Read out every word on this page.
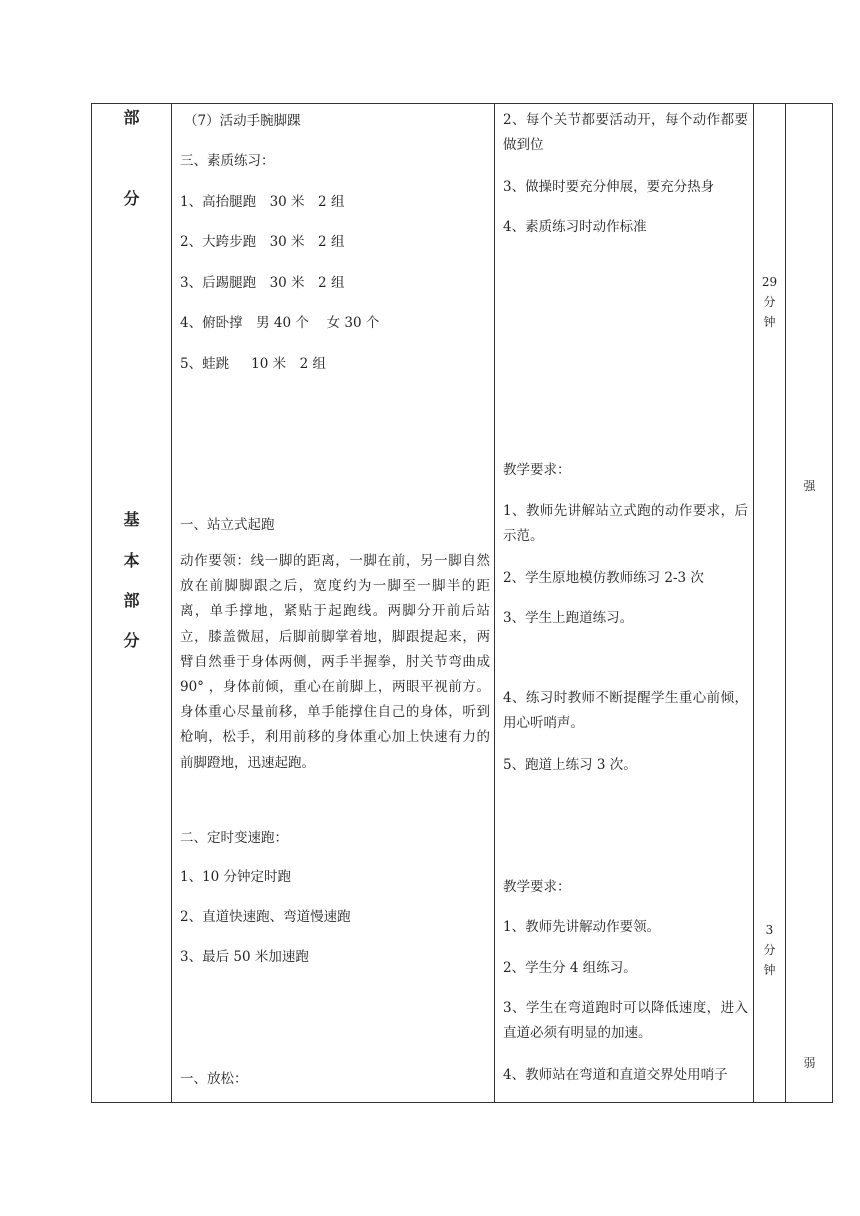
部
分
基
本
部
分
（7）活动手腕脚踝
三、素质练习：
1、高抬腿跑　30 米　2 组
2、大跨步跑　30 米　2 组
3、后踢腿跑　30 米　2 组
4、俯卧撑　男 40 个　 女 30 个
5、蛙跳 　 10 米　2 组
一、站立式起跑
动作要领：线一脚的距离，一脚在前，另一脚自然放在前脚脚跟之后，宽度约为一脚至一脚半的距离，单手撑地，紧贴于起跑线。两脚分开前后站立，膝盖微屈，后脚前脚掌着地，脚跟提起来，两臂自然垂于身体两侧，两手半握拳，肘关节弯曲成 90° ，身体前倾，重心在前脚上，两眼平视前方。 身体重心尽量前移，单手能撑住自己的身体，听到枪响，松手，利用前移的身体重心加上快速有力的前脚蹬地，迅速起跑。
二、定时变速跑：
1、10 分钟定时跑
2、直道快速跑、弯道慢速跑
3、最后 50 米加速跑
一、放松：
2、每个关节都要活动开，每个动作都要做到位
3、做操时要充分伸展，要充分热身
4、素质练习时动作标准
教学要求：
1、教师先讲解站立式跑的动作要求，后示范。
2、学生原地模仿教师练习 2-3 次
3、学生上跑道练习。
4、练习时教师不断提醒学生重心前倾，用心听哨声。
5、跑道上练习 3 次。
教学要求：
1、教师先讲解动作要领。
2、学生分 4 组练习。
3、学生在弯道跑时可以降低速度，进入直道必须有明显的加速。
4、教师站在弯道和直道交界处用哨子
29
分
钟
3
分
钟
强
弱
